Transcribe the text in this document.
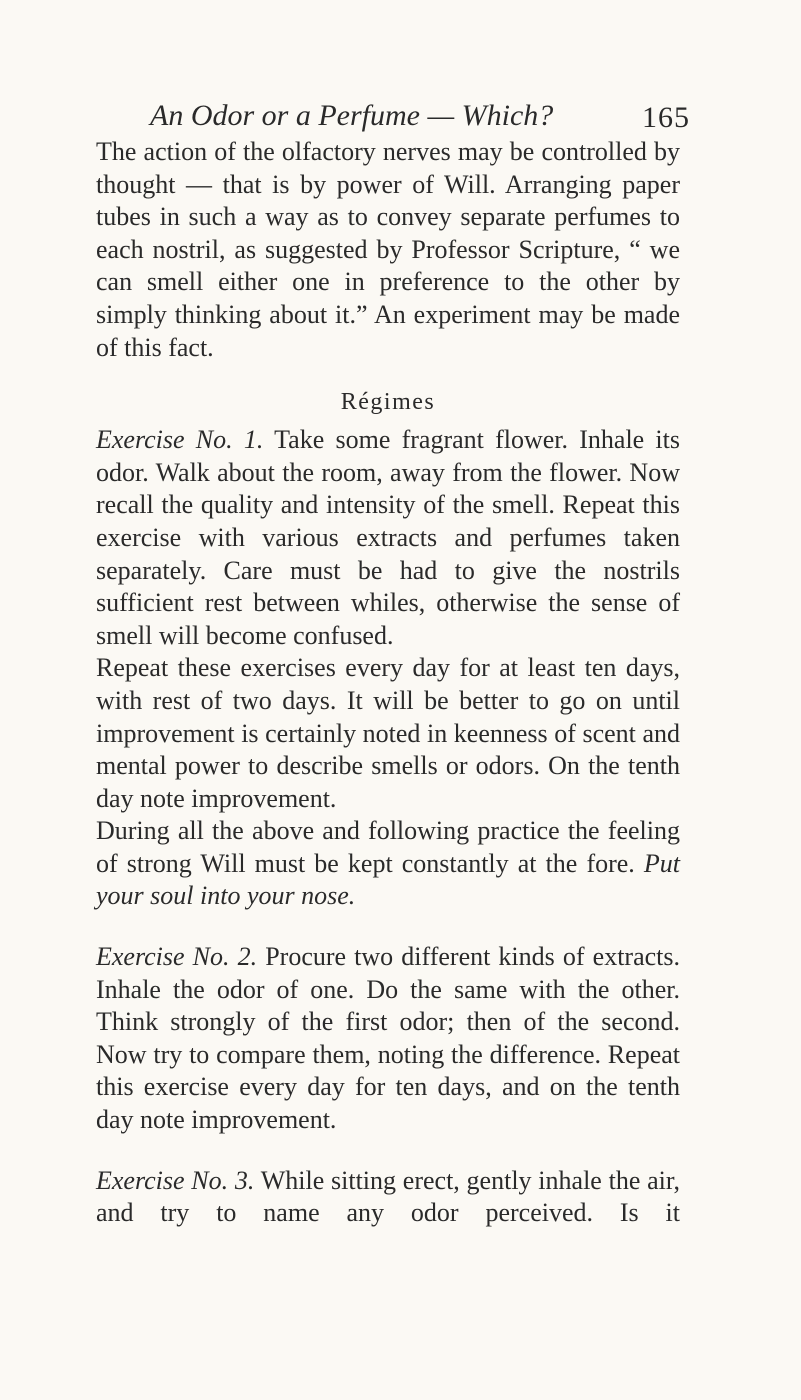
An Odor or a Perfume — Which?	165

The action of the olfactory nerves may be controlled by thought — that is by power of Will. Arranging paper tubes in such a way as to convey separate perfumes to each nostril, as suggested by Professor Scripture, “ we can smell either one in preference to the other by simply thinking about it.” An experiment may be made of this fact.

Régimes

Exercise No. 1. Take some fragrant flower. Inhale its odor. Walk about the room, away from the flower. Now recall the quality and intensity of the smell. Repeat this exercise with various extracts and perfumes taken separately. Care must be had to give the nostrils sufficient rest between whiles, otherwise the sense of smell will become confused.

Repeat these exercises every day for at least ten days, with rest of two days. It will be better to go on until improvement is certainly noted in keenness of scent and mental power to describe smells or odors. On the tenth day note improvement.

During all the above and following practice the feeling of strong Will must be kept constantly at the fore. Put your soul into your nose.

Exercise No. 2. Procure two different kinds of extracts. Inhale the odor of one. Do the same with the other. Think strongly of the first odor; then of the second. Now try to compare them, noting the difference. Repeat this exercise every day for ten days, and on the tenth day note improvement.

Exercise No. 3. While sitting erect, gently inhale the air, and try to name any odor perceived. Is it
